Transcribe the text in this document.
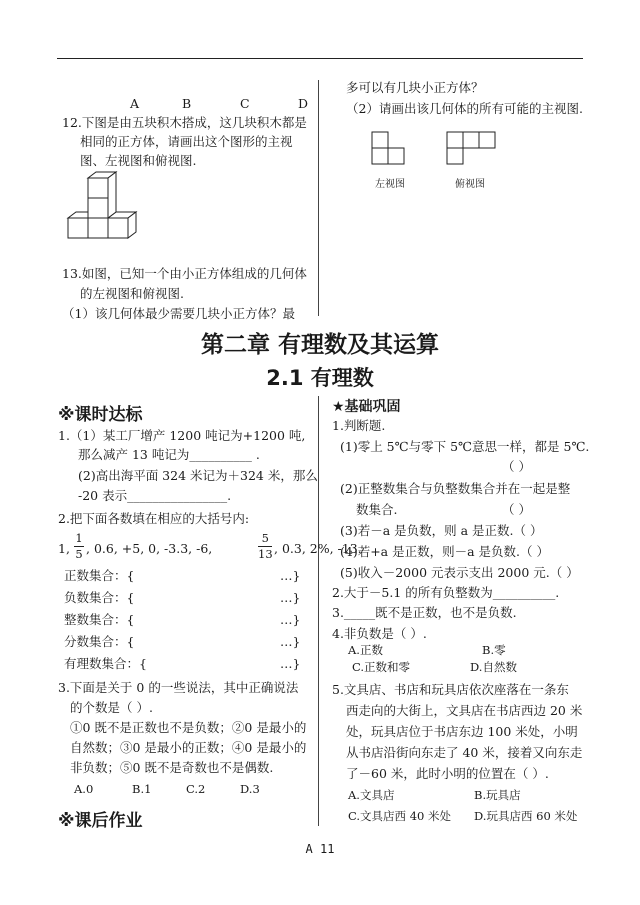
A	B	C	D
12.下图是由五块积木搭成，这几块积木都是
相同的正方体，请画出这个图形的主视
图、左视图和俯视图.
13.如图，已知一个由小正方体组成的几何体
的左视图和俯视图.
（1）该几何体最少需要几块小正方体？最
多可以有几块小正方体？
（2）请画出该几何体的所有可能的主视图.
左视图	俯视图
第二章 有理数及其运算
2.1 有理数
※课时达标
1.（1）某工厂增产 1200 吨记为+1200 吨,
那么减产 13 吨记为__________ .
(2)高出海平面 324 米记为＋324 米，那么
-20 表示________________.
2.把下面各数填在相应的大括号内:
1,
1
5 , 0.6, +5, 0, -3.3, -6,
5
13 , 0.3, 2%, -13.
正数集合：{	…}
负数集合：{	…}
整数集合：{	…}
分数集合：{	…}
有理数集合：{	…}
3.下面是关于 0 的一些说法，其中正确说法
的个数是（ ）.
①0 既不是正数也不是负数；②0 是最小的
自然数；③0 是最小的正数；④0 是最小的
非负数；⑤0 既不是奇数也不是偶数.
A.0	B.1	C.2	D.3
※课后作业
★基础巩固
1.判断题.
(1)零上 5℃与零下 5℃意思一样，都是 5℃.
（ ）
(2)正整数集合与负整数集合并在一起是整
数集合.	（ ）
(3)若－a 是负数，则 a 是正数.（ ）
(4)若+a 是正数，则－a 是负数.（ ）
(5)收入－2000 元表示支出 2000 元.（ ）
2.大于－5.1 的所有负整数为__________.
3._____既不是正数，也不是负数.
4.非负数是（ ）.
A.正数	B.零
C.正数和零	D.自然数
5.文具店、书店和玩具店依次座落在一条东
西走向的大街上，文具店在书店西边 20 米
处，玩具店位于书店东边 100 米处，小明
从书店沿街向东走了 40 米，接着又向东走
了－60 米，此时小明的位置在（ ）.
A.文具店	B.玩具店
C.文具店西 40 米处 D.玩具店西 60 米处
A 11
